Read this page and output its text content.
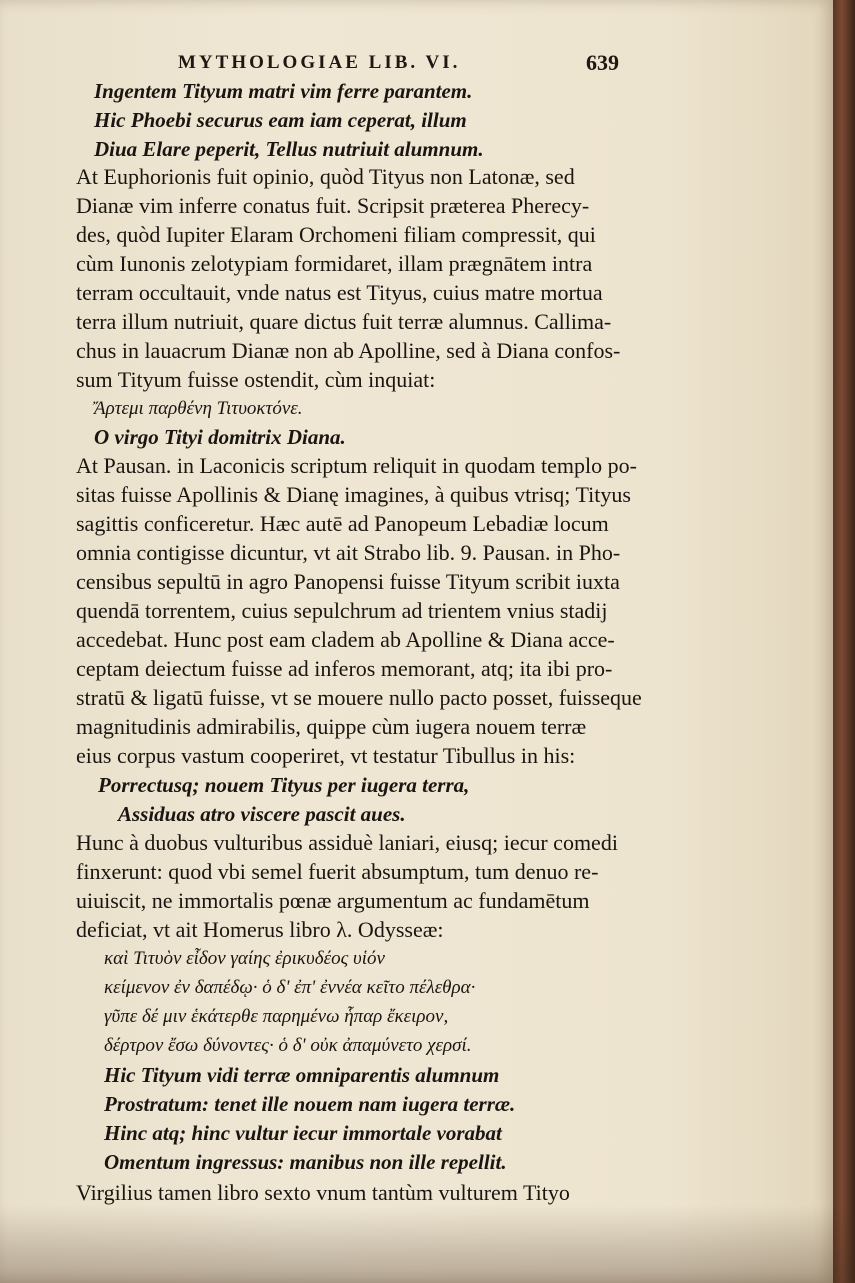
MYTHOLOGIAE LIB. VI.	639
Ingentem Tityum matri vim ferre parantem.
Hic Phoebi securus eam iam ceperat, illum
Diua Elare peperit, Tellus nutriuit alumnum.
At Euphorionis fuit opinio, quòd Tityus non Latonæ, sed
Dianæ vim inferre conatus fuit. Scripsit præterea Pherecy-
des, quòd Iupiter Elaram Orchomeni filiam compressit, qui
cùm Iunonis zelotypiam formidaret, illam prægnātem intra
terram occultauit, vnde natus est Tityus, cuius matre mortua
terra illum nutriuit, quare dictus fuit terræ alumnus. Callima-
chus in lauacrum Dianæ non ab Apolline, sed à Diana confos-
sum Tityum fuisse ostendit, cùm inquiat:
Ἄρτεμι παρθένη Τιτυοκτόνε.
O virgo Tityi domitrix Diana.
At Pausan. in Laconicis scriptum reliquit in quodam templo po-
sitas fuisse Apollinis & Dianę imagines, à quibus vtrisq; Tityus
sagittis conficeretur. Hæc autē ad Panopeum Lebadiæ locum
omnia contigisse dicuntur, vt ait Strabo lib. 9. Pausan. in Pho-
censibus sepultū in agro Panopensi fuisse Tityum scribit iuxta
quendā torrentem, cuius sepulchrum ad trientem vnius stadij
accedebat. Hunc post eam cladem ab Apolline & Diana acce-
ceptam deiectum fuisse ad inferos memorant, atq; ita ibi pro-
stratū & ligatū fuisse, vt se mouere nullo pacto posset, fuisseque
magnitudinis admirabilis, quippe cùm iugera nouem terræ
eius corpus vastum cooperiret, vt testatur Tibullus in his:
Porrectusq; nouem Tityus per iugera terra,
Assiduas atro viscere pascit aues.
Hunc à duobus vulturibus assiduè laniari, eiusq; iecur comedi
finxerunt: quod vbi semel fuerit absumptum, tum denuo re-
uiuiscit, ne immortalis pœnæ argumentum ac fundamētum
deficiat, vt ait Homerus libro λ. Odysseæ:
καὶ Τιτυὸν εἶδον γαίης ἐρικυδέος υἱόν
κείμενον ἐν δαπέδῳ· ὁ δ' ἐπ' ἐννέα κεῖτο πέλεθρα·
γῦπε δέ μιν ἑκάτερθε παρημένω ἧπαρ ἔκειρον,
δέρτρον ἔσω δύνοντες· ὁ δ' οὐκ ἀπαμύνετο χερσί.
Hic Tityum vidi terræ omniparentis alumnum
Prostratum: tenet ille nouem nam iugera terræ.
Hinc atq; hinc vultur iecur immortale vorabat
Omentum ingressus: manibus non ille repellit.
Virgilius tamen libro sexto vnum tantùm vulturem Tityo
